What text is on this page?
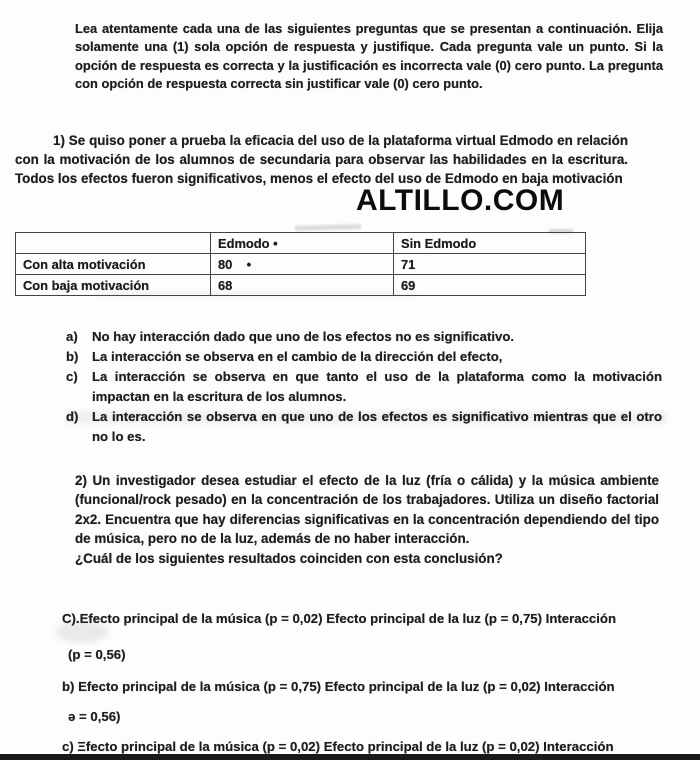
Lea atentamente cada una de las siguientes preguntas que se presentan a continuación. Elija solamente una (1) sola opción de respuesta y justifique. Cada pregunta vale un punto. Si la opción de respuesta es correcta y la justificación es incorrecta vale (0) cero punto. La pregunta con opción de respuesta correcta sin justificar vale (0) cero punto.

1) Se quiso poner a prueba la eficacia del uso de la plataforma virtual Edmodo en relación con la motivación de los alumnos de secundaria para observar las habilidades en la escritura. Todos los efectos fueron significativos, menos el efecto del uso de Edmodo en baja motivación

ALTILLO.COM
	Edmodo •	Sin Edmodo
Con alta motivación	80    •	71
Con baja motivación	68	69
a)	No hay interacción dado que uno de los efectos no es significativo.
b)	La interacción se observa en el cambio de la dirección del efecto,
c)	La interacción se observa en que tanto el uso de la plataforma como la motivación impactan en la escritura de los alumnos.
d)	La interacción se observa en que uno de los efectos es significativo mientras que el otro no lo es.
2) Un investigador desea estudiar el efecto de la luz (fría o cálida) y la música ambiente (funcional/rock pesado) en la concentración de los trabajadores. Utiliza un diseño factorial 2x2. Encuentra que hay diferencias significativas en la concentración dependiendo del tipo de música, pero no de la luz, además de no haber interacción.
¿Cuál de los siguientes resultados coinciden con esta conclusión?
C).Efecto principal de la música (p = 0,02) Efecto principal de la luz (p = 0,75) Interacción
(p = 0,56)
b) Efecto principal de la música (p = 0,75) Efecto principal de la luz (p = 0,02) Interacción
ə = 0,56)
c) Ξfecto principal de la música (p = 0,02) Efecto principal de la luz (p = 0,02) Interacción
